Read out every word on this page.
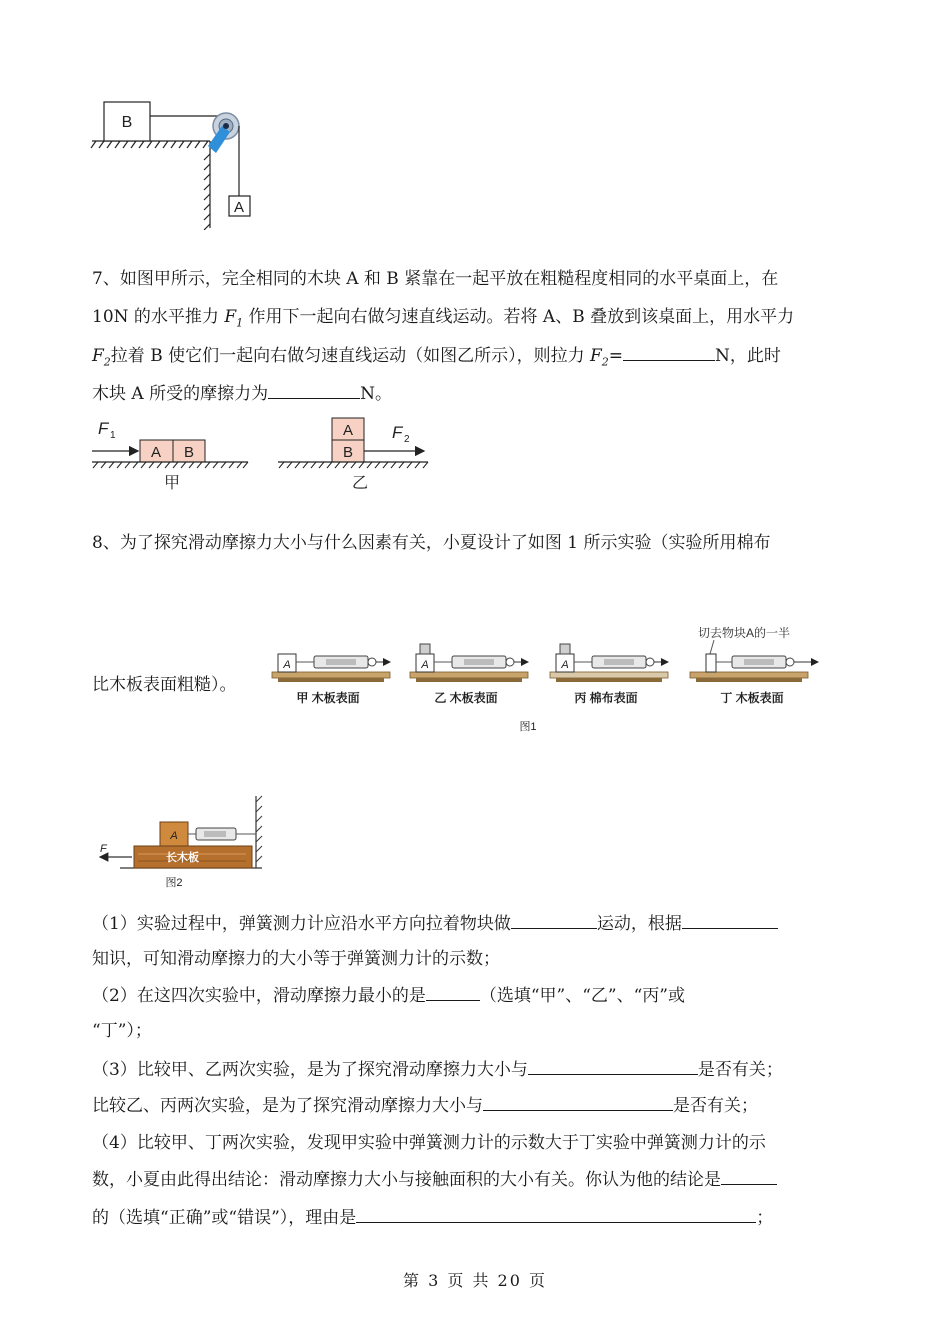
B
A
7、如图甲所示，完全相同的木块 A 和 B 紧靠在一起平放在粗糙程度相同的水平桌面上，在
10N 的水平推力 $F_1$ 作用下一起向右做匀速直线运动。若将 A、B 叠放到该桌面上，用水平力
$F_2$拉着 B 使它们一起向右做匀速直线运动（如图乙所示），则拉力 $F_2=$	N，此时
木块 A 所受的摩擦力为	N。
F 1
A B
甲
A
B
F 2
乙
8、为了探究滑动摩擦力大小与什么因素有关，小夏设计了如图 1 所示实验（实验所用棉布
比木板表面粗糙）。
切去物块A的一半
A
甲 木板表面
A
乙 木板表面
A
丙 棉布表面	丁 木板表面
图1
长木板
A
F
图2
（1）实验过程中，弹簧测力计应沿水平方向拉着物块做	运动，根据
知识，可知滑动摩擦力的大小等于弹簧测力计的示数；
（2）在这四次实验中，滑动摩擦力最小的是	（选填“甲”、“乙”、“丙”或
“丁”）；
（3）比较甲、乙两次实验，是为了探究滑动摩擦力大小与	是否有关；
比较乙、丙两次实验，是为了探究滑动摩擦力大小与	是否有关；
（4）比较甲、丁两次实验，发现甲实验中弹簧测力计的示数大于丁实验中弹簧测力计的示
数，小夏由此得出结论：滑动摩擦力大小与接触面积的大小有关。你认为他的结论是
的（选填“正确”或“错误”），理由是	；
第 3 页 共 20 页
